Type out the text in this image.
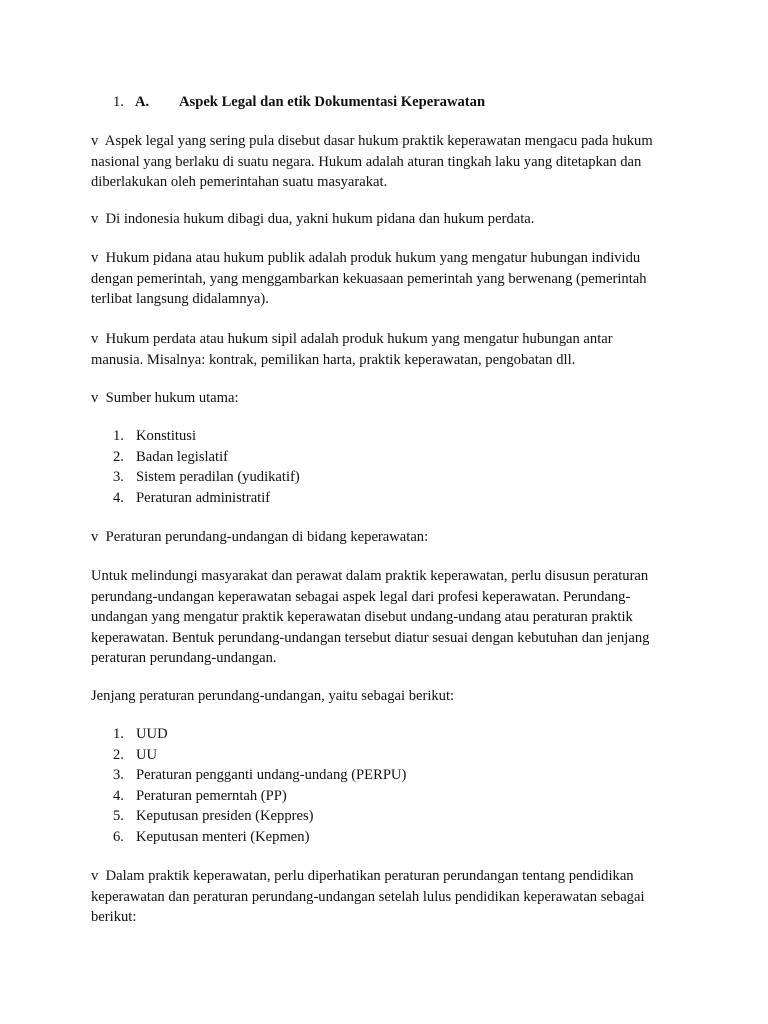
1. A. Aspek Legal dan etik Dokumentasi Keperawatan
v Aspek legal yang sering pula disebut dasar hukum praktik keperawatan mengacu pada hukum
nasional yang berlaku di suatu negara. Hukum adalah aturan tingkah laku yang ditetapkan dan
diberlakukan oleh pemerintahan suatu masyarakat.
v Di indonesia hukum dibagi dua, yakni hukum pidana dan hukum perdata.
v Hukum pidana atau hukum publik adalah produk hukum yang mengatur hubungan individu
dengan pemerintah, yang menggambarkan kekuasaan pemerintah yang berwenang (pemerintah
terlibat langsung didalamnya).
v Hukum perdata atau hukum sipil adalah produk hukum yang mengatur hubungan antar
manusia. Misalnya: kontrak, pemilikan harta, praktik keperawatan, pengobatan dll.
v Sumber hukum utama:
1. Konstitusi
2. Badan legislatif
3. Sistem peradilan (yudikatif)
4. Peraturan administratif
v Peraturan perundang-undangan di bidang keperawatan:
Untuk melindungi masyarakat dan perawat dalam praktik keperawatan, perlu disusun peraturan
perundang-undangan keperawatan sebagai aspek legal dari profesi keperawatan. Perundang-
undangan yang mengatur praktik keperawatan disebut undang-undang atau peraturan praktik
keperawatan. Bentuk perundang-undangan tersebut diatur sesuai dengan kebutuhan dan jenjang
peraturan perundang-undangan.
Jenjang peraturan perundang-undangan, yaitu sebagai berikut:
1. UUD
2. UU
3. Peraturan pengganti undang-undang (PERPU)
4. Peraturan pemerntah (PP)
5. Keputusan presiden (Keppres)
6. Keputusan menteri (Kepmen)
v Dalam praktik keperawatan, perlu diperhatikan peraturan perundangan tentang pendidikan
keperawatan dan peraturan perundang-undangan setelah lulus pendidikan keperawatan sebagai
berikut:
